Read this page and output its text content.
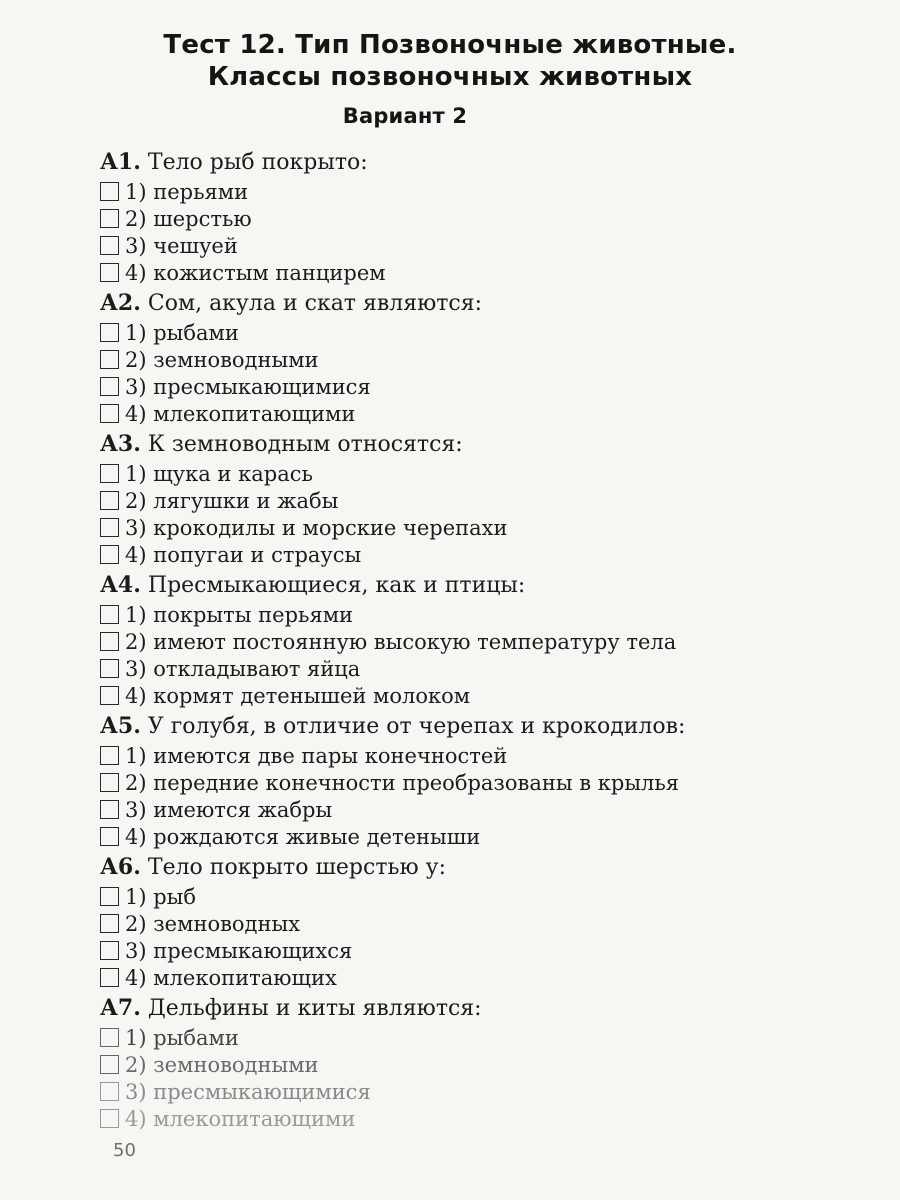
Тест 12. Тип Позвоночные животные.
Классы позвоночных животных
Вариант 2
А1. Тело рыб покрыто:
1) перьями
2) шерстью
3) чешуей
4) кожистым панцирем
А2. Сом, акула и скат являются:
1) рыбами
2) земноводными
3) пресмыкающимися
4) млекопитающими
А3. К земноводным относятся:
1) щука и карась
2) лягушки и жабы
3) крокодилы и морские черепахи
4) попугаи и страусы
А4. Пресмыкающиеся, как и птицы:
1) покрыты перьями
2) имеют постоянную высокую температуру тела
3) откладывают яйца
4) кормят детенышей молоком
А5. У голубя, в отличие от черепах и крокодилов:
1) имеются две пары конечностей
2) передние конечности преобразованы в крылья
3) имеются жабры
4) рождаются живые детеныши
А6. Тело покрыто шерстью у:
1) рыб
2) земноводных
3) пресмыкающихся
4) млекопитающих
А7. Дельфины и киты являются:
1) рыбами
2) земноводными
3) пресмыкающимися
4) млекопитающими
50
